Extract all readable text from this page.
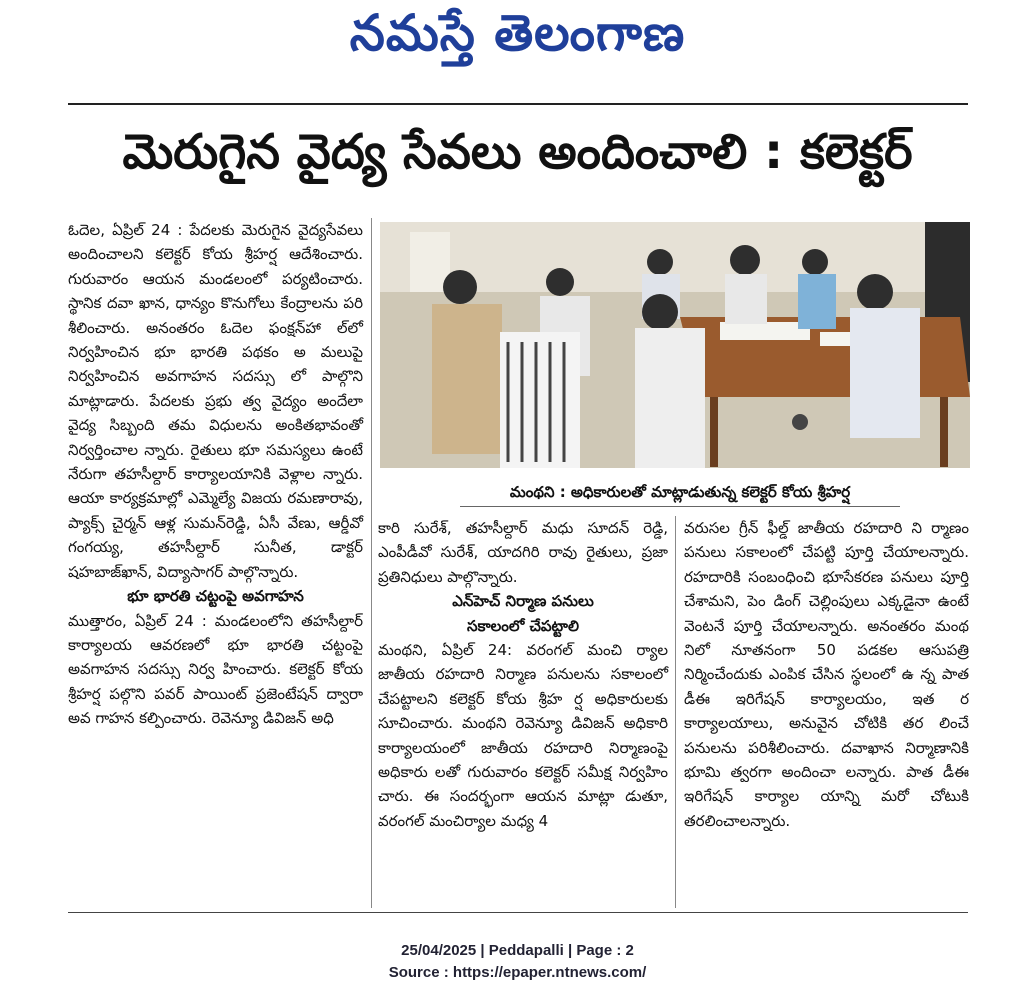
నమస్తే తెలంగాణ
మెరుగైన వైద్య సేవలు అందించాలి : కలెక్టర్

ఓదెల, ఏప్రిల్ 24 : పేదలకు మెరుగైన వైద్యసేవలు అందించాలని కలెక్టర్ కోయ శ్రీహర్ష ఆదేశించారు. గురువారం ఆయన మండలంలో పర్యటించారు. స్థానిక దవా ఖాన, ధాన్యం కొనుగోలు కేంద్రాలను పరి శీలించారు. అనంతరం ఓదెల ఫంక్షన్‌హా ల్‌లో నిర్వహించిన భూ భారతి పథకం అ మలుపై నిర్వహించిన అవగాహన సదస్సు లో పాల్గొని మాట్లాడారు. పేదలకు ప్రభు త్వ వైద్యం అందేలా వైద్య సిబ్బంది తమ విధులను అంకితభావంతో నిర్వర్తించాల న్నారు. రైతులు భూ సమస్యలు ఉంటే నేరుగా తహసీల్దార్ కార్యాలయానికి వెళ్లాల న్నారు. ఆయా కార్యక్రమాల్లో ఎమ్మెల్యే విజయ రమణారావు, ప్యాక్స్ చైర్మన్ ఆళ్ల సుమన్‌రెడ్డి, ఏసీ వేణు, ఆర్డీవో గంగయ్య, తహసీల్దార్ సునీత, డాక్టర్ షహబాజ్‌ఖాన్, విద్యాసాగర్ పాల్గొన్నారు.

భూ భారతి చట్టంపై అవగాహన

ముత్తారం, ఏప్రిల్ 24 : మండలంలోని తహసీల్దార్ కార్యాలయ ఆవరణలో భూ భారతి చట్టంపై అవగాహన సదస్సు నిర్వ హించారు. కలెక్టర్ కోయ శ్రీహర్ష పల్గొని పవర్ పాయింట్ ప్రజెంటేషన్ ద్వారా అవ గాహన కల్పించారు. రెవెన్యూ డివిజన్ అధి

మంథని : అధికారులతో మాట్లాడుతున్న కలెక్టర్ కోయ శ్రీహర్ష

కారి సురేశ్, తహసీల్దార్ మధు సూదన్ రెడ్డి, ఎంపీడీవో సురేశ్, యాదగిరి రావు రైతులు, ప్రజా ప్రతినిధులు పాల్గొన్నారు.

ఎన్‌హెచ్ నిర్మాణ పనులు

సకాలంలో చేపట్టాలి

మంథని, ఏప్రిల్ 24: వరంగల్ మంచి ర్యాల జాతీయ రహదారి నిర్మాణ పనులను సకాలంలో చేపట్టాలని కలెక్టర్ కోయ శ్రీహ ర్ష అధికారులకు సూచించారు. మంథని రెవెన్యూ డివిజన్ అధికారి కార్యాలయంలో జాతీయ రహదారి నిర్మాణంపై అధికారు లతో గురువారం కలెక్టర్ సమీక్ష నిర్వహిం చారు. ఈ సందర్భంగా ఆయన మాట్లా డుతూ, వరంగల్ మంచిర్యాల మధ్య 4

వరుసల గ్రీన్ ఫీల్డ్ జాతీయ రహదారి ని ర్మాణం పనులు సకాలంలో చేపట్టి పూర్తి చేయాలన్నారు. రహదారికి సంబంధించి భూసేకరణ పనులు పూర్తి చేశామని, పెం డింగ్ చెల్లింపులు ఎక్కడైనా ఉంటే వెంటనే పూర్తి చేయాలన్నారు. అనంతరం మంథ నిలో నూతనంగా 50 పడకల ఆసుపత్రి నిర్మించేందుకు ఎంపిక చేసిన స్థలంలో ఉ న్న పాత డీఈ ఇరిగేషన్ కార్యాలయం, ఇత ర కార్యాలయాలు, అనువైన చోటికి తర లించే పనులను పరిశీలించారు. దవాఖాన నిర్మాణానికి భూమి త్వరగా అందించా లన్నారు. పాత డీఈ ఇరిగేషన్ కార్యాల యాన్ని మరో చోటుకి తరలించాలన్నారు.

25/04/2025 | Peddapalli | Page : 2
Source : https://epaper.ntnews.com/
